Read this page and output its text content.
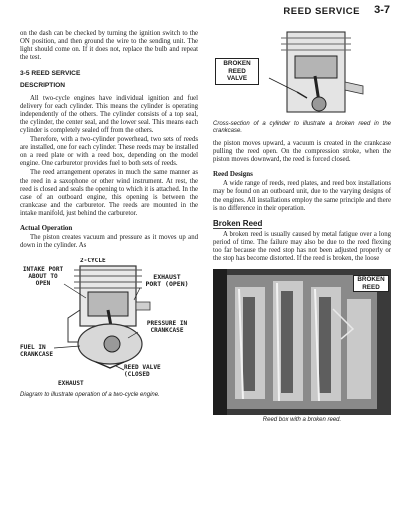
REED SERVICE 3-7

on the dash can be checked by turning the ignition switch to the ON position, and then ground the wire to the sending unit. The light should come on. If it does not, replace the bulb and repeat the test.

3-5 REED SERVICE
DESCRIPTION

All two-cycle engines have individual ignition and fuel delivery for each cylinder. This means the cylinder is operating independently of the others. The cylinder consists of a top seal, the cylinder, the center seal, and the lower seal. This means each cylinder is completely sealed off from the others.

Therefore, with a two-cylinder powerhead, two sets of reeds are installed, one for each cylinder. These reeds may be installed on a reed plate or with a reed box, depending on the model engine. One carburetor provides fuel to both sets of reeds.

The reed arrangement operates in much the same manner as the reed in a saxophone or other wind instrument. At rest, the reed is closed and seals the opening to which it is attached. In the case of an outboard engine, this opening is between the crankcase and the carburetor. The reeds are mounted in the intake manifold, just behind the carburetor.

Actual Operation

The piston creates vacuum and pressure as it moves up and down in the cylinder. As

2-CYCLE
INTAKE PORT
ABOUT TO
OPEN
EXHAUST
PORT (OPEN)
PRESSURE IN
CRANKCASE
FUEL IN
CRANKCASE
REED VALVE
(CLOSED
EXHAUST

Diagram to illustrate operation of a two-cycle engine.

BROKEN
REED
VALVE

Cross-section of a cylinder to illustrate a broken reed in the crankcase.

the piston moves upward, a vacuum is created in the crankcase pulling the reed open. On the compression stroke, when the piston moves downward, the reed is forced closed.

Reed Designs

A wide range of reeds, reed plates, and reed box installations may be found on an outboard unit, due to the varying designs of the engines. All installations employ the same principle and there is no difference in their operation.

Broken Reed

A broken reed is usually caused by metal fatigue over a long period of time. The failure may also be due to the reed flexing too far because the reed stop has not been adjusted properly or the stop has become distorted. If the reed is broken, the loose

BROKEN
REED

Reed box with a broken reed.
